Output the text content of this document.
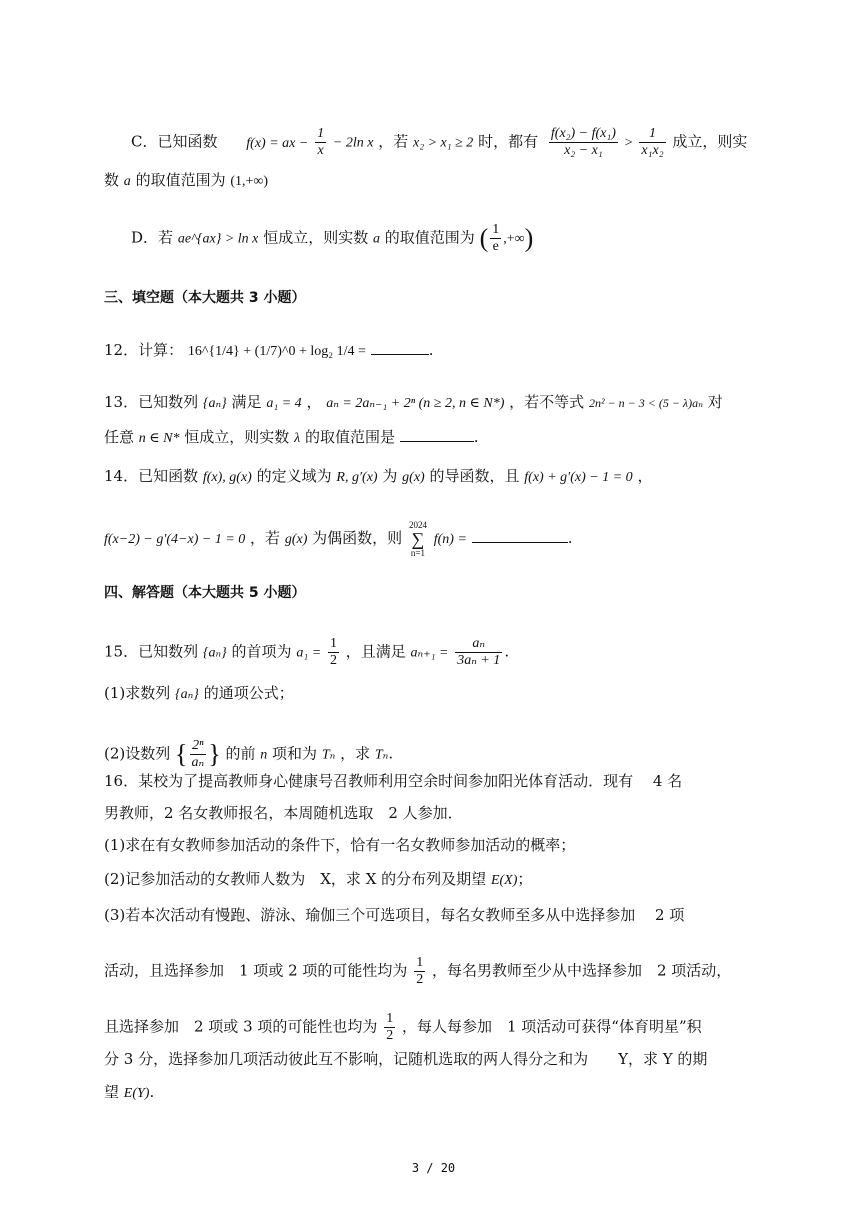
C．已知函数 f(x) = ax − $\frac{1}{x} - 2\ln$ x ，若 x₂ > x₁ ≥ 2 时，都有 $\frac{\text{f(x₂) − f(x₁)}}{\text{x₂ − x₁}} > \frac{1}{\text{x₁x₂}}$ 成立，则实
数 a 的取值范围为 (1,+∞)
D．若 ae^{ax} > ln x 恒成立，则实数 a 的取值范围为 ( $\frac{1}{e}$ ,+∞)
三、填空题（本大题共 3 小题）
12．计算： 16^{1/4} + (1/7)^0 + log₂ 1/4 =	.
13．已知数列 {aₙ} 满足 a₁ = 4 ， aₙ = 2aₙ₋₁ + 2ⁿ (n ≥ 2, n ∈ N*) ，若不等式 2n² − n − 3 < (5 − λ)aₙ 对
任意 n ∈ N* 恒成立，则实数 λ 的取值范围是	.
14．已知函数 f(x), g(x) 的定义域为 R, g′(x) 为 g(x) 的导函数，且 f(x) + g′(x) − 1 = 0 ，
f(x−2) − g′(4−x) − 1 = 0 ，若 g(x) 为偶函数，则
2024
∑
n=1
f(n) =	.
四、解答题（本大题共 5 小题）
15．已知数列 {aₙ} 的首项为 $a_1 = \frac{1}{2}$ ，且满足 $a_{n+1} = \frac{\text{aₙ}}{\text{3aₙ + 1}}$ .
(1)求数列 {aₙ} 的通项公式；
(2)设数列 { $\frac{\text{2ⁿ}}{\text{aₙ}}$ } 的前 n 项和为 Tₙ ，求 Tₙ.
16．某校为了提高教师身心健康号召教师利用空余时间参加阳光体育活动．现有　 4 名
男教师，2 名女教师报名，本周随机选取　2 人参加．
(1)求在有女教师参加活动的条件下，恰有一名女教师参加活动的概率；
(2)记参加活动的女教师人数为　X，求 X 的分布列及期望 E(X)；
(3)若本次活动有慢跑、游泳、瑜伽三个可选项目，每名女教师至多从中选择参加　 2 项
活动，且选择参加　1 项或 2 项的可能性均为 $\frac{1}{2}$ ，每名男教师至少从中选择参加　2 项活动，
且选择参加　2 项或 3 项的可能性也均为 $\frac{1}{2}$ ，每人每参加　1 项活动可获得“体育明星”积
分 3 分，选择参加几项活动彼此互不影响，记随机选取的两人得分之和为　　Y，求 Y 的期
望 E(Y).
3 / 20
